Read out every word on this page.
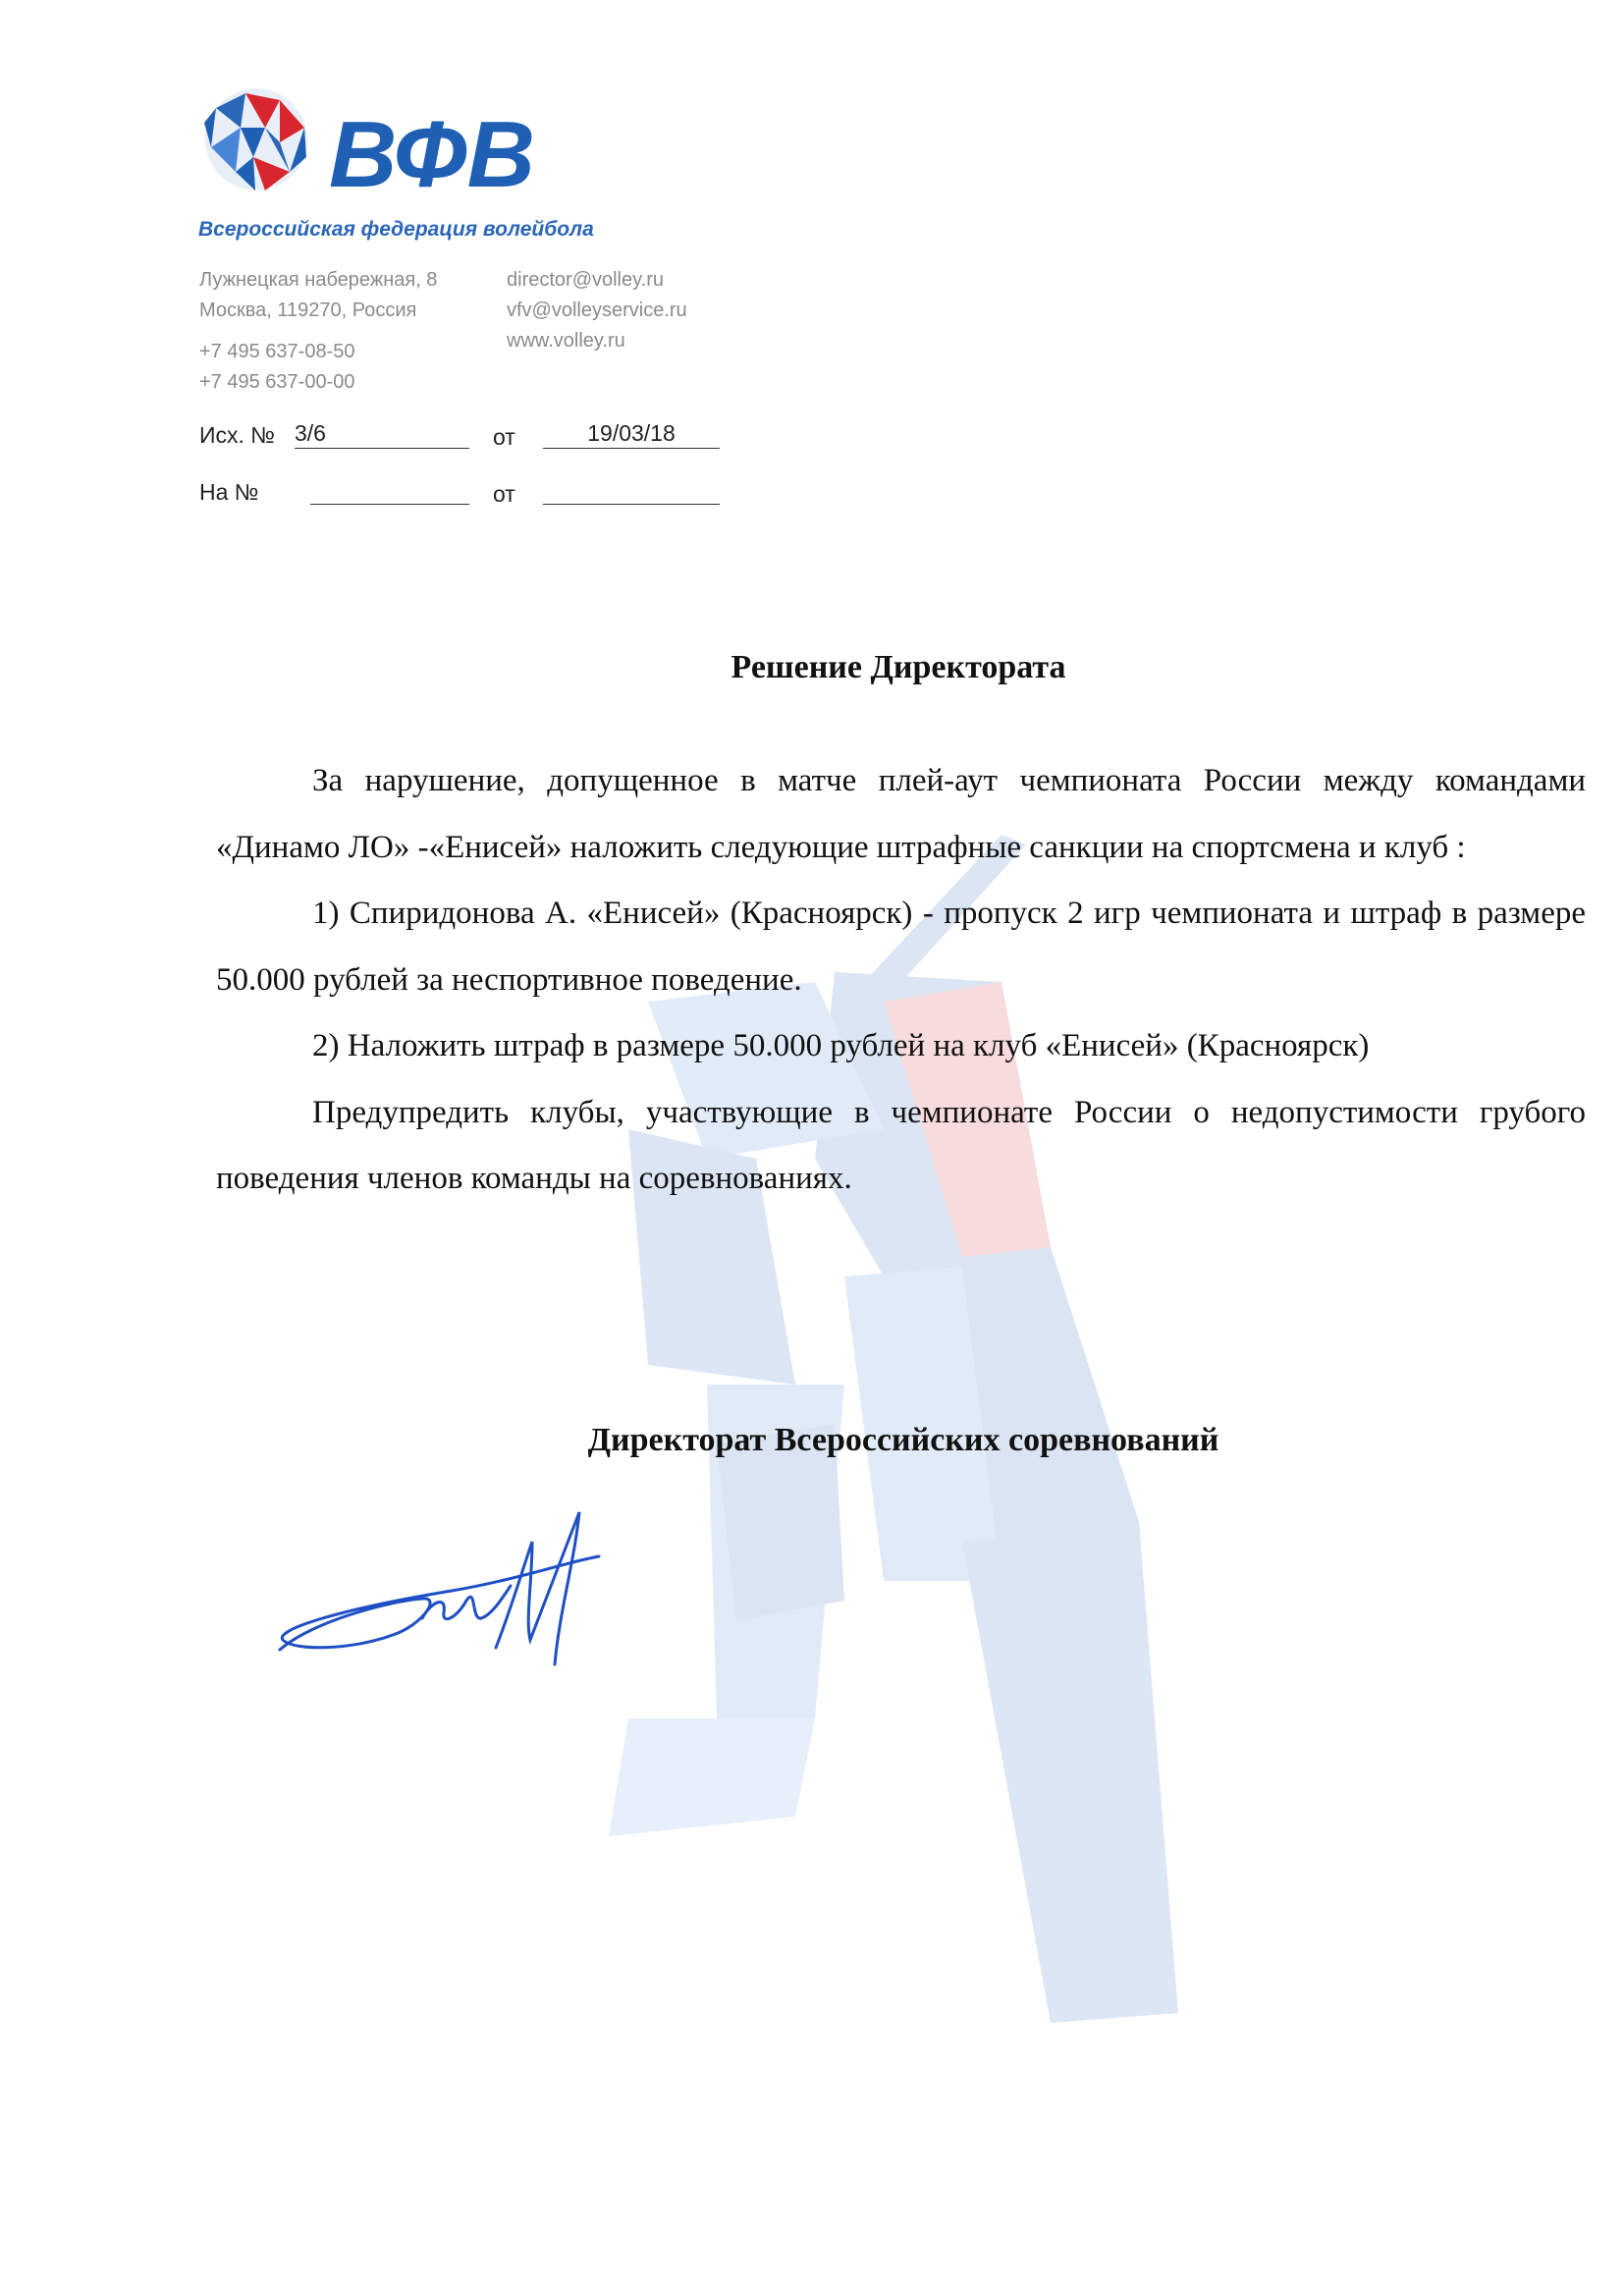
ВФВ
Всероссийская федерация волейбола
Лужнецкая набережная, 8
Москва, 119270, Россия
+7 495 637-08-50
+7 495 637-00-00
director@volley.ru
vfv@volleyservice.ru
www.volley.ru
Исх. № 3/6	от	19/03/18
На №	от
Решение Директората

За нарушение, допущенное в матче плей-аут чемпионата России между командами «Динамо ЛО» -«Енисей» наложить следующие штрафные санкции на спортсмена и клуб :

1) Спиридонова А. «Енисей» (Красноярск) - пропуск 2 игр чемпионата и штраф в размере 50.000 рублей за неспортивное поведение.

2) Наложить штраф в размере 50.000 рублей на клуб «Енисей» (Красноярск)

Предупредить клубы, участвующие в чемпионате России о недопустимости грубого поведения членов команды на соревнованиях.

Директорат Всероссийских соревнований
